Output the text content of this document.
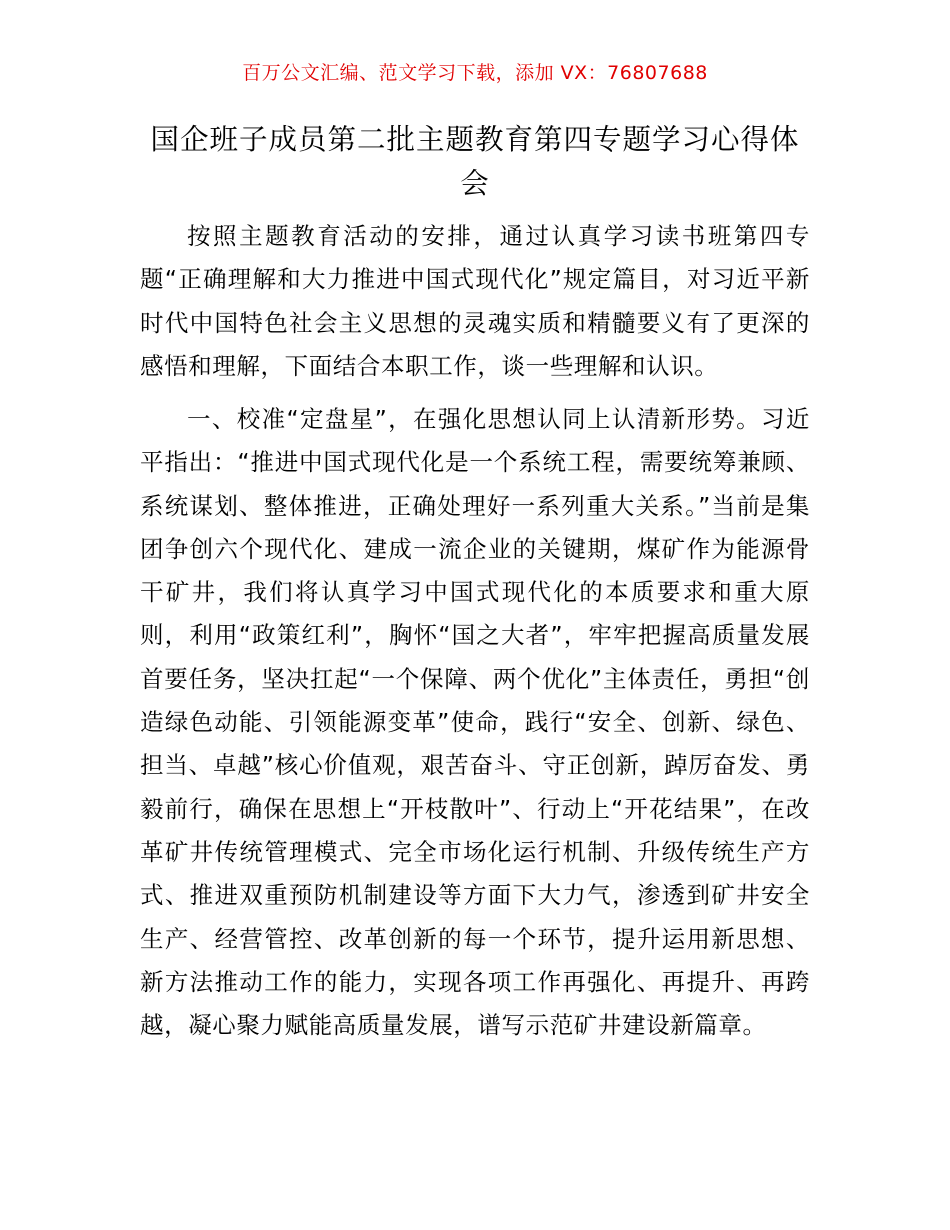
百万公文汇编、范文学习下载，添加 VX：76807688
国企班子成员第二批主题教育第四专题学习心得体会

按照主题教育活动的安排，通过认真学习读书班第四专题“正确理解和大力推进中国式现代化”规定篇目，对习近平新时代中国特色社会主义思想的灵魂实质和精髓要义有了更深的感悟和理解，下面结合本职工作，谈一些理解和认识。

一、校准“定盘星”，在强化思想认同上认清新形势。习近平指出：“推进中国式现代化是一个系统工程，需要统筹兼顾、系统谋划、整体推进，正确处理好一系列重大关系。”当前是集团争创六个现代化、建成一流企业的关键期，煤矿作为能源骨干矿井，我们将认真学习中国式现代化的本质要求和重大原则，利用“政策红利”，胸怀“国之大者”，牢牢把握高质量发展首要任务，坚决扛起“一个保障、两个优化”主体责任，勇担“创造绿色动能、引领能源变革”使命，践行“安全、创新、绿色、担当、卓越”核心价值观，艰苦奋斗、守正创新，踔厉奋发、勇毅前行，确保在思想上“开枝散叶”、行动上“开花结果”，在改革矿井传统管理模式、完全市场化运行机制、升级传统生产方式、推进双重预防机制建设等方面下大力气，渗透到矿井安全生产、经营管控、改革创新的每一个环节，提升运用新思想、新方法推动工作的能力，实现各项工作再强化、再提升、再跨越，凝心聚力赋能高质量发展，谱写示范矿井建设新篇章。
